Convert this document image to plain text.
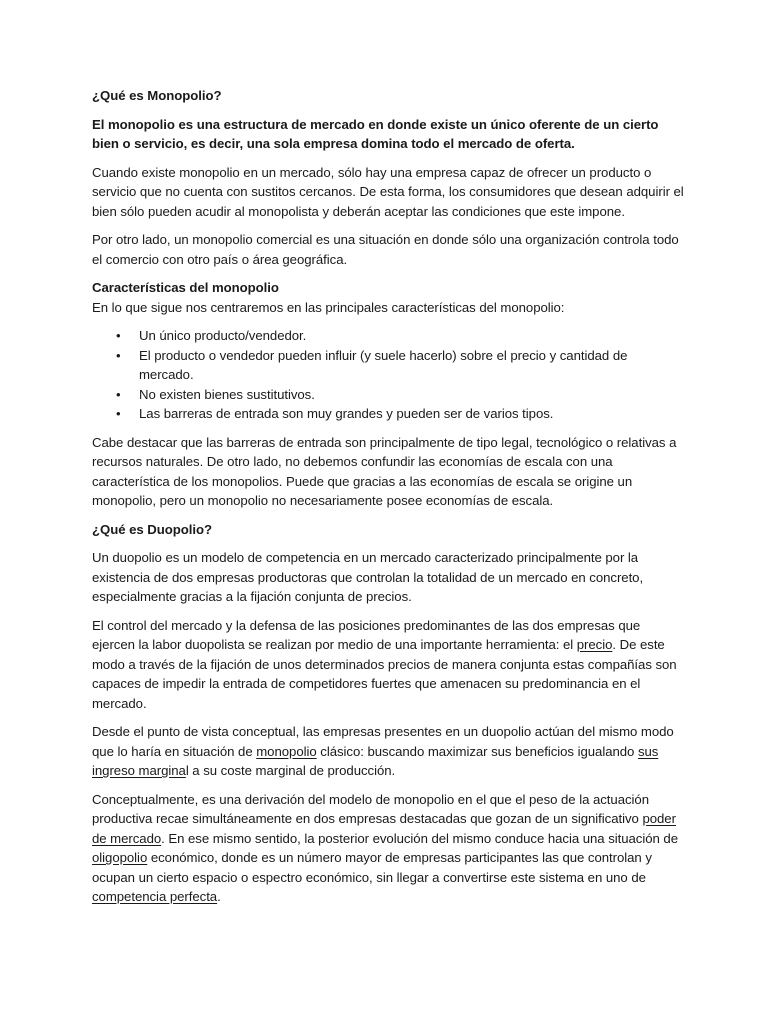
¿Qué es Monopolio?

El monopolio es una estructura de mercado en donde existe un único oferente de un cierto bien o servicio, es decir, una sola empresa domina todo el mercado de oferta.

Cuando existe monopolio en un mercado, sólo hay una empresa capaz de ofrecer un producto o servicio que no cuenta con sustitos cercanos. De esta forma, los consumidores que desean adquirir el bien sólo pueden acudir al monopolista y deberán aceptar las condiciones que este impone.

Por otro lado, un monopolio comercial es una situación en donde sólo una organización controla todo el comercio con otro país o área geográfica.

Características del monopolio
En lo que sigue nos centraremos en las principales características del monopolio:
• Un único producto/vendedor.
• El producto o vendedor pueden influir (y suele hacerlo) sobre el precio y cantidad de mercado.
• No existen bienes sustitutivos.
• Las barreras de entrada son muy grandes y pueden ser de varios tipos.

Cabe destacar que las barreras de entrada son principalmente de tipo legal, tecnológico o relativas a recursos naturales. De otro lado, no debemos confundir las economías de escala con una característica de los monopolios. Puede que gracias a las economías de escala se origine un monopolio, pero un monopolio no necesariamente posee economías de escala.

¿Qué es Duopolio?

Un duopolio es un modelo de competencia en un mercado caracterizado principalmente por la existencia de dos empresas productoras que controlan la totalidad de un mercado en concreto, especialmente gracias a la fijación conjunta de precios.

El control del mercado y la defensa de las posiciones predominantes de las dos empresas que ejercen la labor duopolista se realizan por medio de una importante herramienta: el precio. De este modo a través de la fijación de unos determinados precios de manera conjunta estas compañías son capaces de impedir la entrada de competidores fuertes que amenacen su predominancia en el mercado.

Desde el punto de vista conceptual, las empresas presentes en un duopolio actúan del mismo modo que lo haría en situación de monopolio clásico: buscando maximizar sus beneficios igualando sus ingreso marginal a su coste marginal de producción.

Conceptualmente, es una derivación del modelo de monopolio en el que el peso de la actuación productiva recae simultáneamente en dos empresas destacadas que gozan de un significativo poder de mercado. En ese mismo sentido, la posterior evolución del mismo conduce hacia una situación de oligopolio económico, donde es un número mayor de empresas participantes las que controlan y ocupan un cierto espacio o espectro económico, sin llegar a convertirse este sistema en uno de competencia perfecta.
